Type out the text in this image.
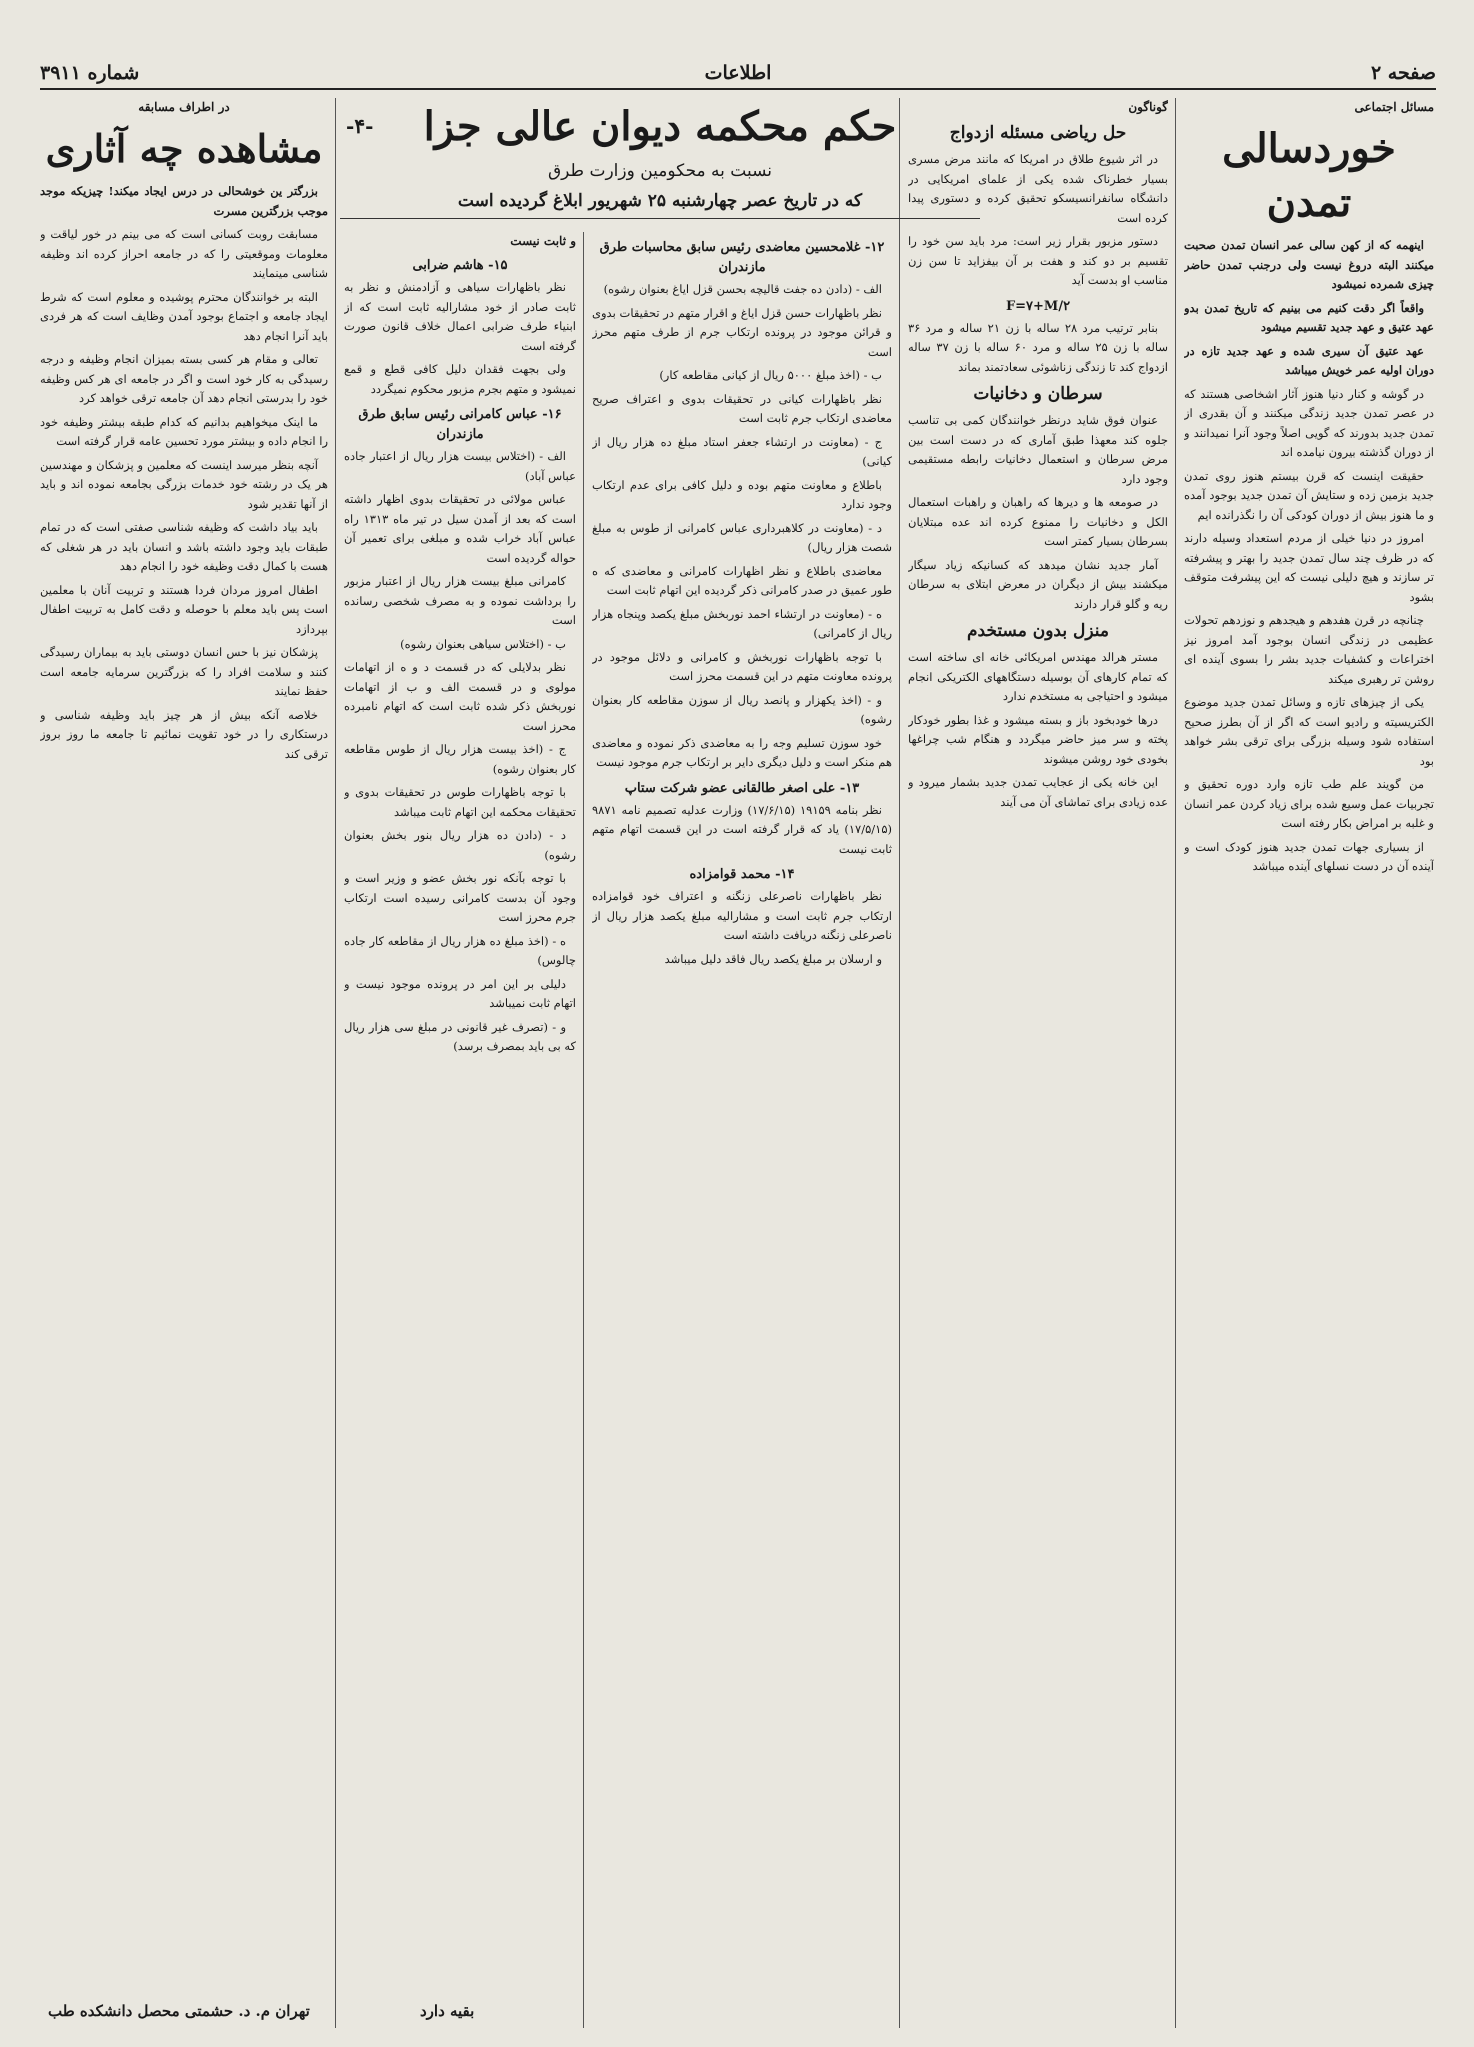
صفحه ۲
اطلاعات
شماره ۳۹۱۱
مسائل اجتماعی
خوردسالی تمدن

اینهمه که از کهن سالی عمر انسان تمدن صحبت میکنند البته دروغ نیست ولی درجنب تمدن حاضر چیزی شمرده نمیشود

واقعاً اگر دقت کنیم می بینیم که تاریخ تمدن بدو عهد عتیق و عهد جدید تقسیم میشود

عهد عتیق آن سیری شده و عهد جدید تازه در دوران اولیه عمر خویش میباشد

در گوشه و کنار دنیا هنوز آثار اشخاصی هستند که در عصر تمدن جدید زندگی میکنند و آن بقدری از تمدن جدید بدورند که گویی اصلاً وجود آنرا نمیدانند و از دوران گذشته بیرون نیامده اند

حقیقت اینست که قرن بیستم هنوز روی تمدن جدید بزمین زده و ستایش آن تمدن جدید بوجود آمده و ما هنوز بیش از دوران کودکی آن را نگذرانده ایم

امروز در دنیا خیلی از مردم استعداد وسیله دارند که در ظرف چند سال تمدن جدید را بهتر و پیشرفته تر سازند و هیچ دلیلی نیست که این پیشرفت متوقف بشود

چنانچه در قرن هفدهم و هیجدهم و نوزدهم تحولات عظیمی در زندگی انسان بوجود آمد امروز نیز اختراعات و کشفیات جدید بشر را بسوی آینده ای روشن تر رهبری میکند

یکی از چیزهای تازه و وسائل تمدن جدید موضوع الکتریسیته و رادیو است که اگر از آن بطرز صحیح استفاده شود وسیله بزرگی برای ترقی بشر خواهد بود

من گویند علم طب تازه وارد دوره تحقیق و تجربیات عمل وسیع شده برای زیاد کردن عمر انسان و غلبه بر امراض بکار رفته است

از بسیاری جهات تمدن جدید هنوز کودک است و آینده آن در دست نسلهای آینده میباشد

گوناگون
حل ریاضی مسئله ازدواج

در اثر شیوع طلاق در امریکا که مانند مرض مسری بسیار خطرناک شده یکی از علمای امریکایی در دانشگاه سانفرانسیسکو تحقیق کرده و دستوری پیدا کرده است

دستور مزبور بقرار زیر است: مرد باید سن خود را تقسیم بر دو کند و هفت بر آن بیفزاید تا سن زن مناسب او بدست آید

F=۷+M/۲

بنابر ترتیب مرد ۲۸ ساله با زن ۲۱ ساله و مرد ۳۶ ساله با زن ۲۵ ساله و مرد ۶۰ ساله با زن ۳۷ ساله ازدواج کند تا زندگی زناشوئی سعادتمند بماند

سرطان و دخانیات

عنوان فوق شاید درنظر خوانندگان کمی بی تناسب جلوه کند معهذا طبق آماری که در دست است بین مرض سرطان و استعمال دخانیات رابطه مستقیمی وجود دارد

در صومعه ها و دیرها که راهبان و راهبات استعمال الکل و دخانیات را ممنوع کرده اند عده مبتلایان بسرطان بسیار کمتر است

آمار جدید نشان میدهد که کسانیکه زیاد سیگار میکشند بیش از دیگران در معرض ابتلای به سرطان ریه و گلو قرار دارند

منزل بدون مستخدم

مستر هرالد مهندس امریکائی خانه ای ساخته است که تمام کارهای آن بوسیله دستگاههای الکتریکی انجام میشود و احتیاجی به مستخدم ندارد

درها خودبخود باز و بسته میشود و غذا بطور خودکار پخته و سر میز حاضر میگردد و هنگام شب چراغها بخودی خود روشن میشوند

این خانه یکی از عجایب تمدن جدید بشمار میرود و عده زیادی برای تماشای آن می آیند

حکم محکمه دیوان عالی جزا
-۴-
نسبت به محکومین وزارت طرق
که در تاریخ عصر چهارشنبه ۲۵ شهریور ابلاغ گردیده است
۱۲- غلامحسین معاضدی رئیس سابق محاسبات طرق مازندران

الف - (دادن ده جفت قالیچه بحسن قزل ایاغ بعنوان رشوه)

نظر باظهارات حسن قزل ایاغ و اقرار متهم در تحقیقات بدوی و قرائن موجود در پرونده ارتکاب جرم از طرف متهم محرز است

ب - (اخذ مبلغ ۵۰۰۰ ریال از کیانی مقاطعه کار)

نظر باظهارات کیانی در تحقیقات بدوی و اعتراف صریح معاضدی ارتکاب جرم ثابت است

ج - (معاونت در ارتشاء جعفر استاد مبلغ ده هزار ریال از کیانی)

باطلاع و معاونت متهم بوده و دلیل کافی برای عدم ارتکاب وجود ندارد

د - (معاونت در کلاهبرداری عباس کامرانی از طوس به مبلغ شصت هزار ریال)

معاضدی باطلاع و نظر اظهارات کامرانی و معاضدی که ه طور عمیق در صدر کامرانی ذکر گردیده این اتهام ثابت است

ه - (معاونت در ارتشاء احمد نوربخش مبلغ یکصد وپنجاه هزار ریال از کامرانی)

با توجه باظهارات نوربخش و کامرانی و دلائل موجود در پرونده معاونت متهم در این قسمت محرز است

و - (اخذ یکهزار و پانصد ریال از سوزن مقاطعه کار بعنوان رشوه)

خود سوزن تسلیم وجه را به معاضدی ذکر نموده و معاضدی هم منکر است و دلیل دیگری دایر بر ارتکاب جرم موجود نیست

۱۳- علی اصغر طالقانی عضو شرکت ستاپ

نظر بنامه ۱۹۱۵۹ (۱۷/۶/۱۵) وزارت عدلیه تصمیم نامه ۹۸۷۱ (۱۷/۵/۱۵) یاد که قرار گرفته است در این قسمت اتهام متهم ثابت نیست

۱۴- محمد قوامزاده

نظر باظهارات ناصرعلی زنگنه و اعتراف خود قوامزاده ارتکاب جرم ثابت است و مشارالیه مبلغ یکصد هزار ریال از ناصرعلی زنگنه دریافت داشته است

و ارسلان بر مبلغ یکصد ریال فاقد دلیل میباشد

و ثابت نیست
۱۵- هاشم ضرابی

نظر باظهارات سیاهی و آزادمنش و نظر به ثابت صادر از خود مشارالیه ثابت است که از ابنیاء طرف ضرابی اعمال خلاف قانون صورت گرفته است

ولی بجهت فقدان دلیل کافی قطع و قمع نمیشود و متهم بجرم مزبور محکوم نمیگردد

۱۶- عباس کامرانی رئیس سابق طرق مازندران

الف - (اختلاس بیست هزار ریال از اعتبار جاده عباس آباد)

عباس مولائی در تحقیقات بدوی اظهار داشته است که بعد از آمدن سیل در تیر ماه ۱۳۱۳ راه عباس آباد خراب شده و مبلغی برای تعمیر آن حواله گردیده است

کامرانی مبلغ بیست هزار ریال از اعتبار مزبور را برداشت نموده و به مصرف شخصی رسانده است

ب - (اختلاس سیاهی بعنوان رشوه)

نظر بدلایلی که در قسمت د و ه از اتهامات مولوی و در قسمت الف و ب از اتهامات نوربخش ذکر شده ثابت است که اتهام نامبرده محرز است

ج - (اخذ بیست هزار ریال از طوس مقاطعه کار بعنوان رشوه)

با توجه باظهارات طوس در تحقیقات بدوی و تحقیقات محکمه این اتهام ثابت میباشد

د - (دادن ده هزار ریال بنور بخش بعنوان رشوه)

با توجه بآنکه نور بخش عضو و وزیر است و وجود آن بدست کامرانی رسیده است ارتکاب جرم محرز است

ه - (اخذ مبلغ ده هزار ریال از مقاطعه کار جاده چالوس)

دلیلی بر این امر در پرونده موجود نیست و اتهام ثابت نمیباشد

و - (تصرف غیر قانونی در مبلغ سی هزار ریال که بی باید بمصرف برسد)

بقیه دارد
در اطراف مسابقه
مشاهده چه آثاری

بزرگتر ین خوشحالی در درس ایجاد میکند! چیزیکه موجد موجب بزرگترین مسرت

مسابقت روبت کسانی است که می بینم در خور لیاقت و معلومات وموقعیتی را که در جامعه احراز کرده اند وظیفه شناسی مینمایند

البته بر خوانندگان محترم پوشیده و معلوم است که شرط ایجاد جامعه و اجتماع بوجود آمدن وظایف است که هر فردی باید آنرا انجام دهد

تعالی و مقام هر کسی بسته بمیزان انجام وظیفه و درجه رسیدگی به کار خود است و اگر در جامعه ای هر کس وظیفه خود را بدرستی انجام دهد آن جامعه ترقی خواهد کرد

ما اینک میخواهیم بدانیم که کدام طبقه بیشتر وظیفه خود را انجام داده و بیشتر مورد تحسین عامه قرار گرفته است

آنچه بنظر میرسد اینست که معلمین و پزشکان و مهندسین هر یک در رشته خود خدمات بزرگی بجامعه نموده اند و باید از آنها تقدیر شود

باید بیاد داشت که وظیفه شناسی صفتی است که در تمام طبقات باید وجود داشته باشد و انسان باید در هر شغلی که هست با کمال دقت وظیفه خود را انجام دهد

اطفال امروز مردان فردا هستند و تربیت آنان با معلمین است پس باید معلم با حوصله و دقت کامل به تربیت اطفال بپردازد

پزشکان نیز با حس انسان دوستی باید به بیماران رسیدگی کنند و سلامت افراد را که بزرگترین سرمایه جامعه است حفظ نمایند

خلاصه آنکه بیش از هر چیز باید وظیفه شناسی و درستکاری را در خود تقویت نمائیم تا جامعه ما روز بروز ترقی کند

تهران م. د. حشمتی محصل دانشکده طب
